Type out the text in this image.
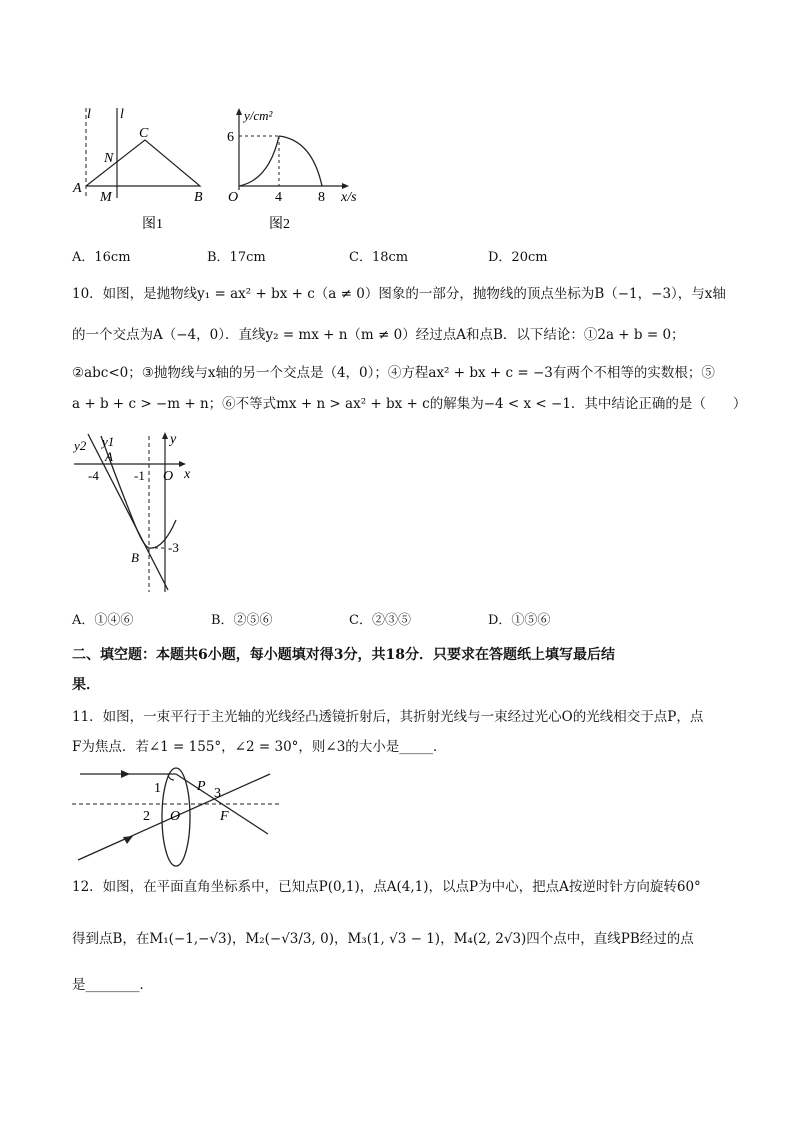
l l
C
N
A
M	B
图1
y/cm²
6
4	8
O	x/s
图2
A．16cm	B．17cm	C．18cm	D．20cm
10．如图，是抛物线y₁ = ax² + bx + c（a ≠ 0）图象的一部分，抛物线的顶点坐标为B（−1，−3），与x轴
的一个交点为A（−4，0）．直线y₂ = mx + n（m ≠ 0）经过点A和点B．以下结论：①2a + b = 0；
②abc<0；③抛物线与x轴的另一个交点是（4，0）；④方程ax² + bx + c = −3有两个不相等的实数根；⑤
a + b + c > −m + n；⑥不等式mx + n > ax² + bx + c的解集为−4 < x < −1．其中结论正确的是（　　）
y2 y1
A
y
-4	-1 O x
-3
B
A．①④⑥	B．②⑤⑥	C．②③⑤	D．①⑤⑥
二、填空题：本题共6小题，每小题填对得3分，共18分．只要求在答题纸上填写最后结
果．
11．如图，一束平行于主光轴的光线经凸透镜折射后，其折射光线与一束经过光心O的光线相交于点P，点
F为焦点．若∠1 = 155°，∠2 = 30°，则∠3的大小是_____．
1
2
3
P
O	F
12．如图，在平面直角坐标系中，已知点P(0,1)，点A(4,1)，以点P为中心，把点A按逆时针方向旋转60°
得到点B，在M₁(−1,−√3)，M₂(−√3/3, 0)，M₃(1, √3 − 1)，M₄(2, 2√3)四个点中，直线PB经过的点
是________．
